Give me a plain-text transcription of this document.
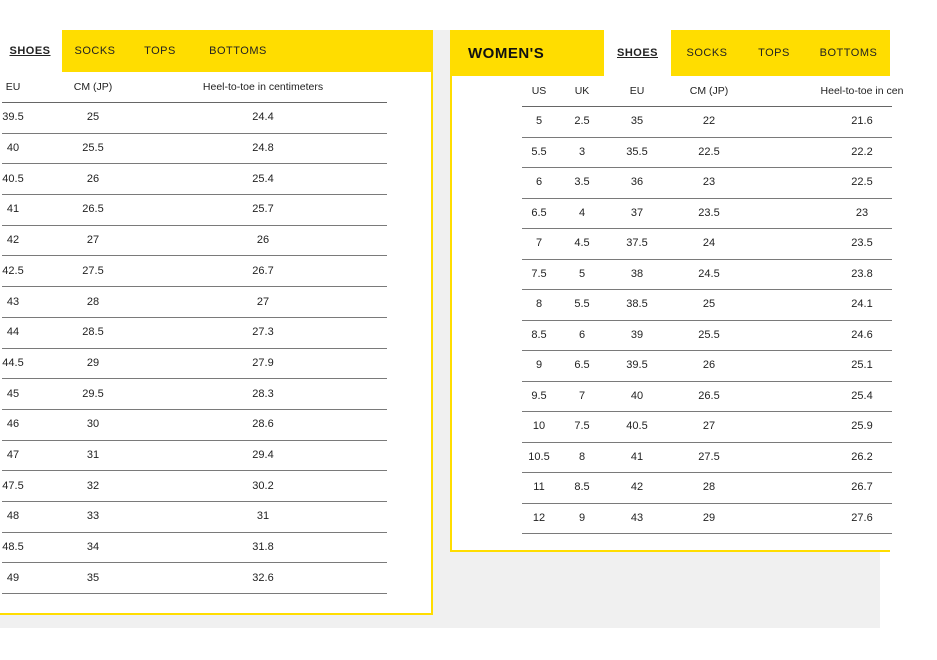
SHOES SOCKS	TOPS	BOTTOMS
EU	CM (JP)	Heel-to-toe in centimeters
39.5	25	24.4
40	25.5	24.8
40.5	26	25.4
41	26.5	25.7
42	27	26
42.5	27.5	26.7
43	28	27
44	28.5	27.3
44.5	29	27.9
45	29.5	28.3
46	30	28.6
47	31	29.4
47.5	32	30.2
48	33	31
48.5	34	31.8
49	35	32.6
WOMEN'S	SHOES	SOCKS	TOPS	BOTTOMS
US	UK	EU	CM (JP)	Heel-to-toe in cen
5	2.5	35	22	21.6
5.5	3	35.5	22.5	22.2
6	3.5	36	23	22.5
6.5	4	37	23.5	23
7	4.5	37.5	24	23.5
7.5	5	38	24.5	23.8
8	5.5	38.5	25	24.1
8.5	6	39	25.5	24.6
9	6.5	39.5	26	25.1
9.5	7	40	26.5	25.4
10	7.5	40.5	27	25.9
10.5	8	41	27.5	26.2
11	8.5	42	28	26.7
12	9	43	29	27.6
